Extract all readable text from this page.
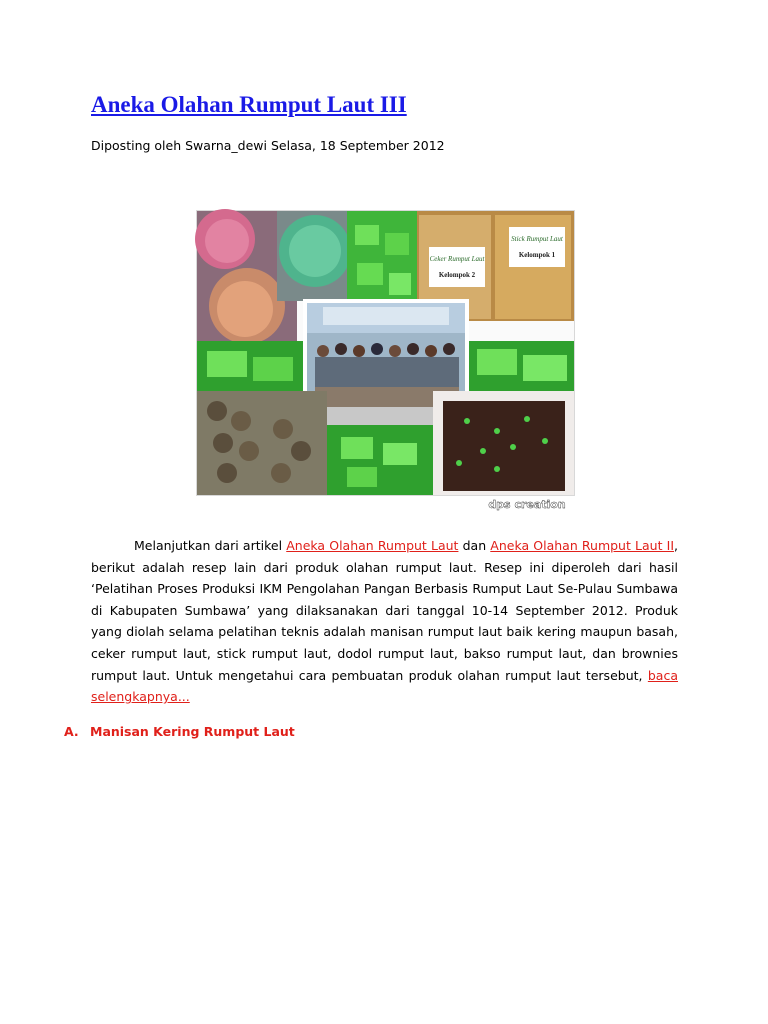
Aneka Olahan Rumput Laut III
Diposting oleh Swarna_dewi Selasa, 18 September 2012
Ceker Rumput Laut
Kelompok 2
Stick Rumput Laut
Kelompok 1
dps creation

Melanjutkan dari artikel Aneka Olahan Rumput Laut dan Aneka Olahan Rumput Laut II, berikut adalah resep lain dari produk olahan rumput laut. Resep ini diperoleh dari hasil ‘Pelatihan Proses Produksi IKM Pengolahan Pangan Berbasis Rumput Laut Se-Pulau Sumbawa di Kabupaten Sumbawa’ yang dilaksanakan dari tanggal 10-14 September 2012. Produk yang diolah selama pelatihan teknis adalah manisan rumput laut baik kering maupun basah, ceker rumput laut, stick rumput laut, dodol rumput laut, bakso rumput laut, dan brownies rumput laut. Untuk mengetahui cara pembuatan produk olahan rumput laut tersebut, baca selengkapnya...

A. Manisan Kering Rumput Laut
